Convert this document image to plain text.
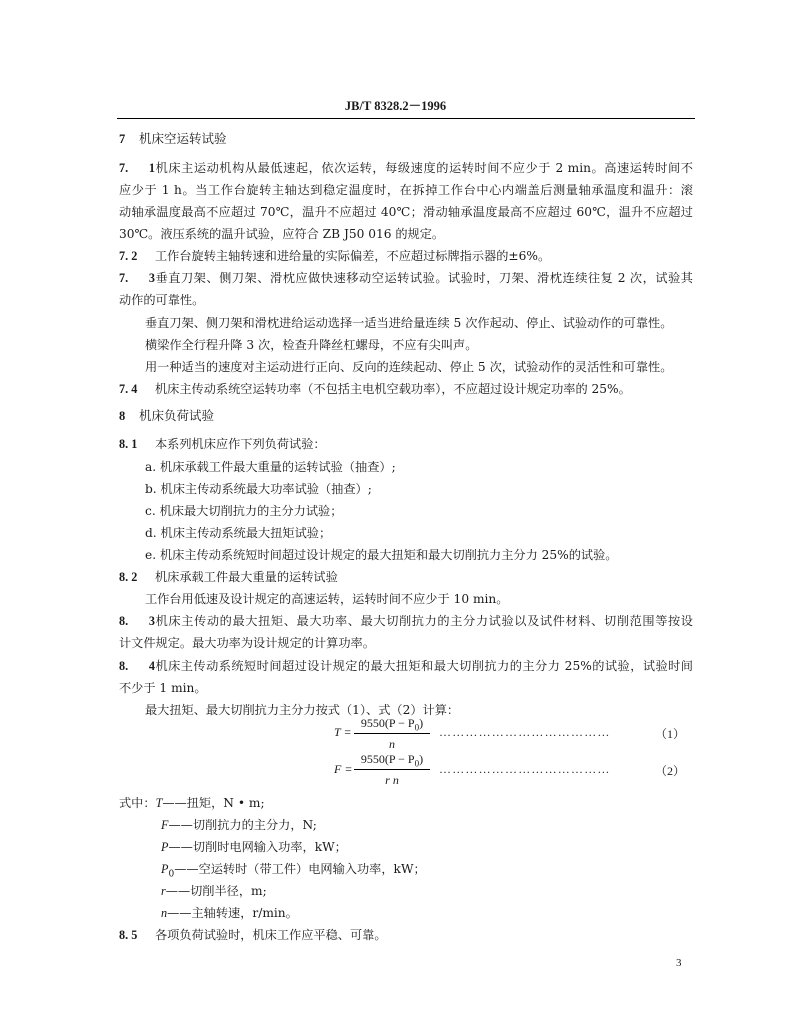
JB/T 8328.2－1996
7 机床空运转试验
7. 1机床主运动机构从最低速起，依次运转，每级速度的运转时间不应少于 2 min。高速运转时间不
应少于 1 h。当工作台旋转主轴达到稳定温度时，在拆掉工作台中心内端盖后测量轴承温度和温升：滚
动轴承温度最高不应超过 70℃，温升不应超过 40℃；滑动轴承温度最高不应超过 60℃，温升不应超过
30℃。液压系统的温升试验，应符合 ZB J50 016 的规定。
7. 2 工作台旋转主轴转速和进给量的实际偏差，不应超过标牌指示器的±6%。
7. 3垂直刀架、侧刀架、滑枕应做快速移动空运转试验。试验时，刀架、滑枕连续往复 2 次，试验其
动作的可靠性。
垂直刀架、侧刀架和滑枕进给运动选择一适当进给量连续 5 次作起动、停止、试验动作的可靠性。
横梁作全行程升降 3 次，检查升降丝杠螺母，不应有尖叫声。
用一种适当的速度对主运动进行正向、反向的连续起动、停止 5 次，试验动作的灵活性和可靠性。
7. 4 机床主传动系统空运转功率（不包括主电机空载功率），不应超过设计规定功率的 25%。
8 机床负荷试验
8. 1 本系列机床应作下列负荷试验：
a. 机床承载工件最大重量的运转试验（抽查）;
b. 机床主传动系统最大功率试验（抽查）;
c. 机床最大切削抗力的主分力试验；
d. 机床主传动系统最大扭矩试验；
e. 机床主传动系统短时间超过设计规定的最大扭矩和最大切削抗力主分力 25%的试验。
8. 2 机床承载工件最大重量的运转试验
工作台用低速及设计规定的高速运转，运转时间不应少于 10 min。
8. 3机床主传动的最大扭矩、最大功率、最大切削抗力的主分力试验以及试件材料、切削范围等按设
计文件规定。最大功率为设计规定的计算功率。
8. 4机床主传动系统短时间超过设计规定的最大扭矩和最大切削抗力的主分力 25%的试验，试验时间
不少于 1 min。
最大扭矩、最大切削抗力主分力按式（1）、式（2）计算：
T =
$9550(P - P_0)$
n
…………………………………	（1）
F =
$9550(P - P_0)$
r n
…………………………………	（2）
式中：T——扭矩，N • m;
F——切削抗力的主分力，N;
P——切削时电网输入功率，kW；
$P_0——$空运转时（带工件）电网输入功率，kW；
r——切削半径，m;
n——主轴转速，r/min。
8. 5 各项负荷试验时，机床工作应平稳、可靠。
3
